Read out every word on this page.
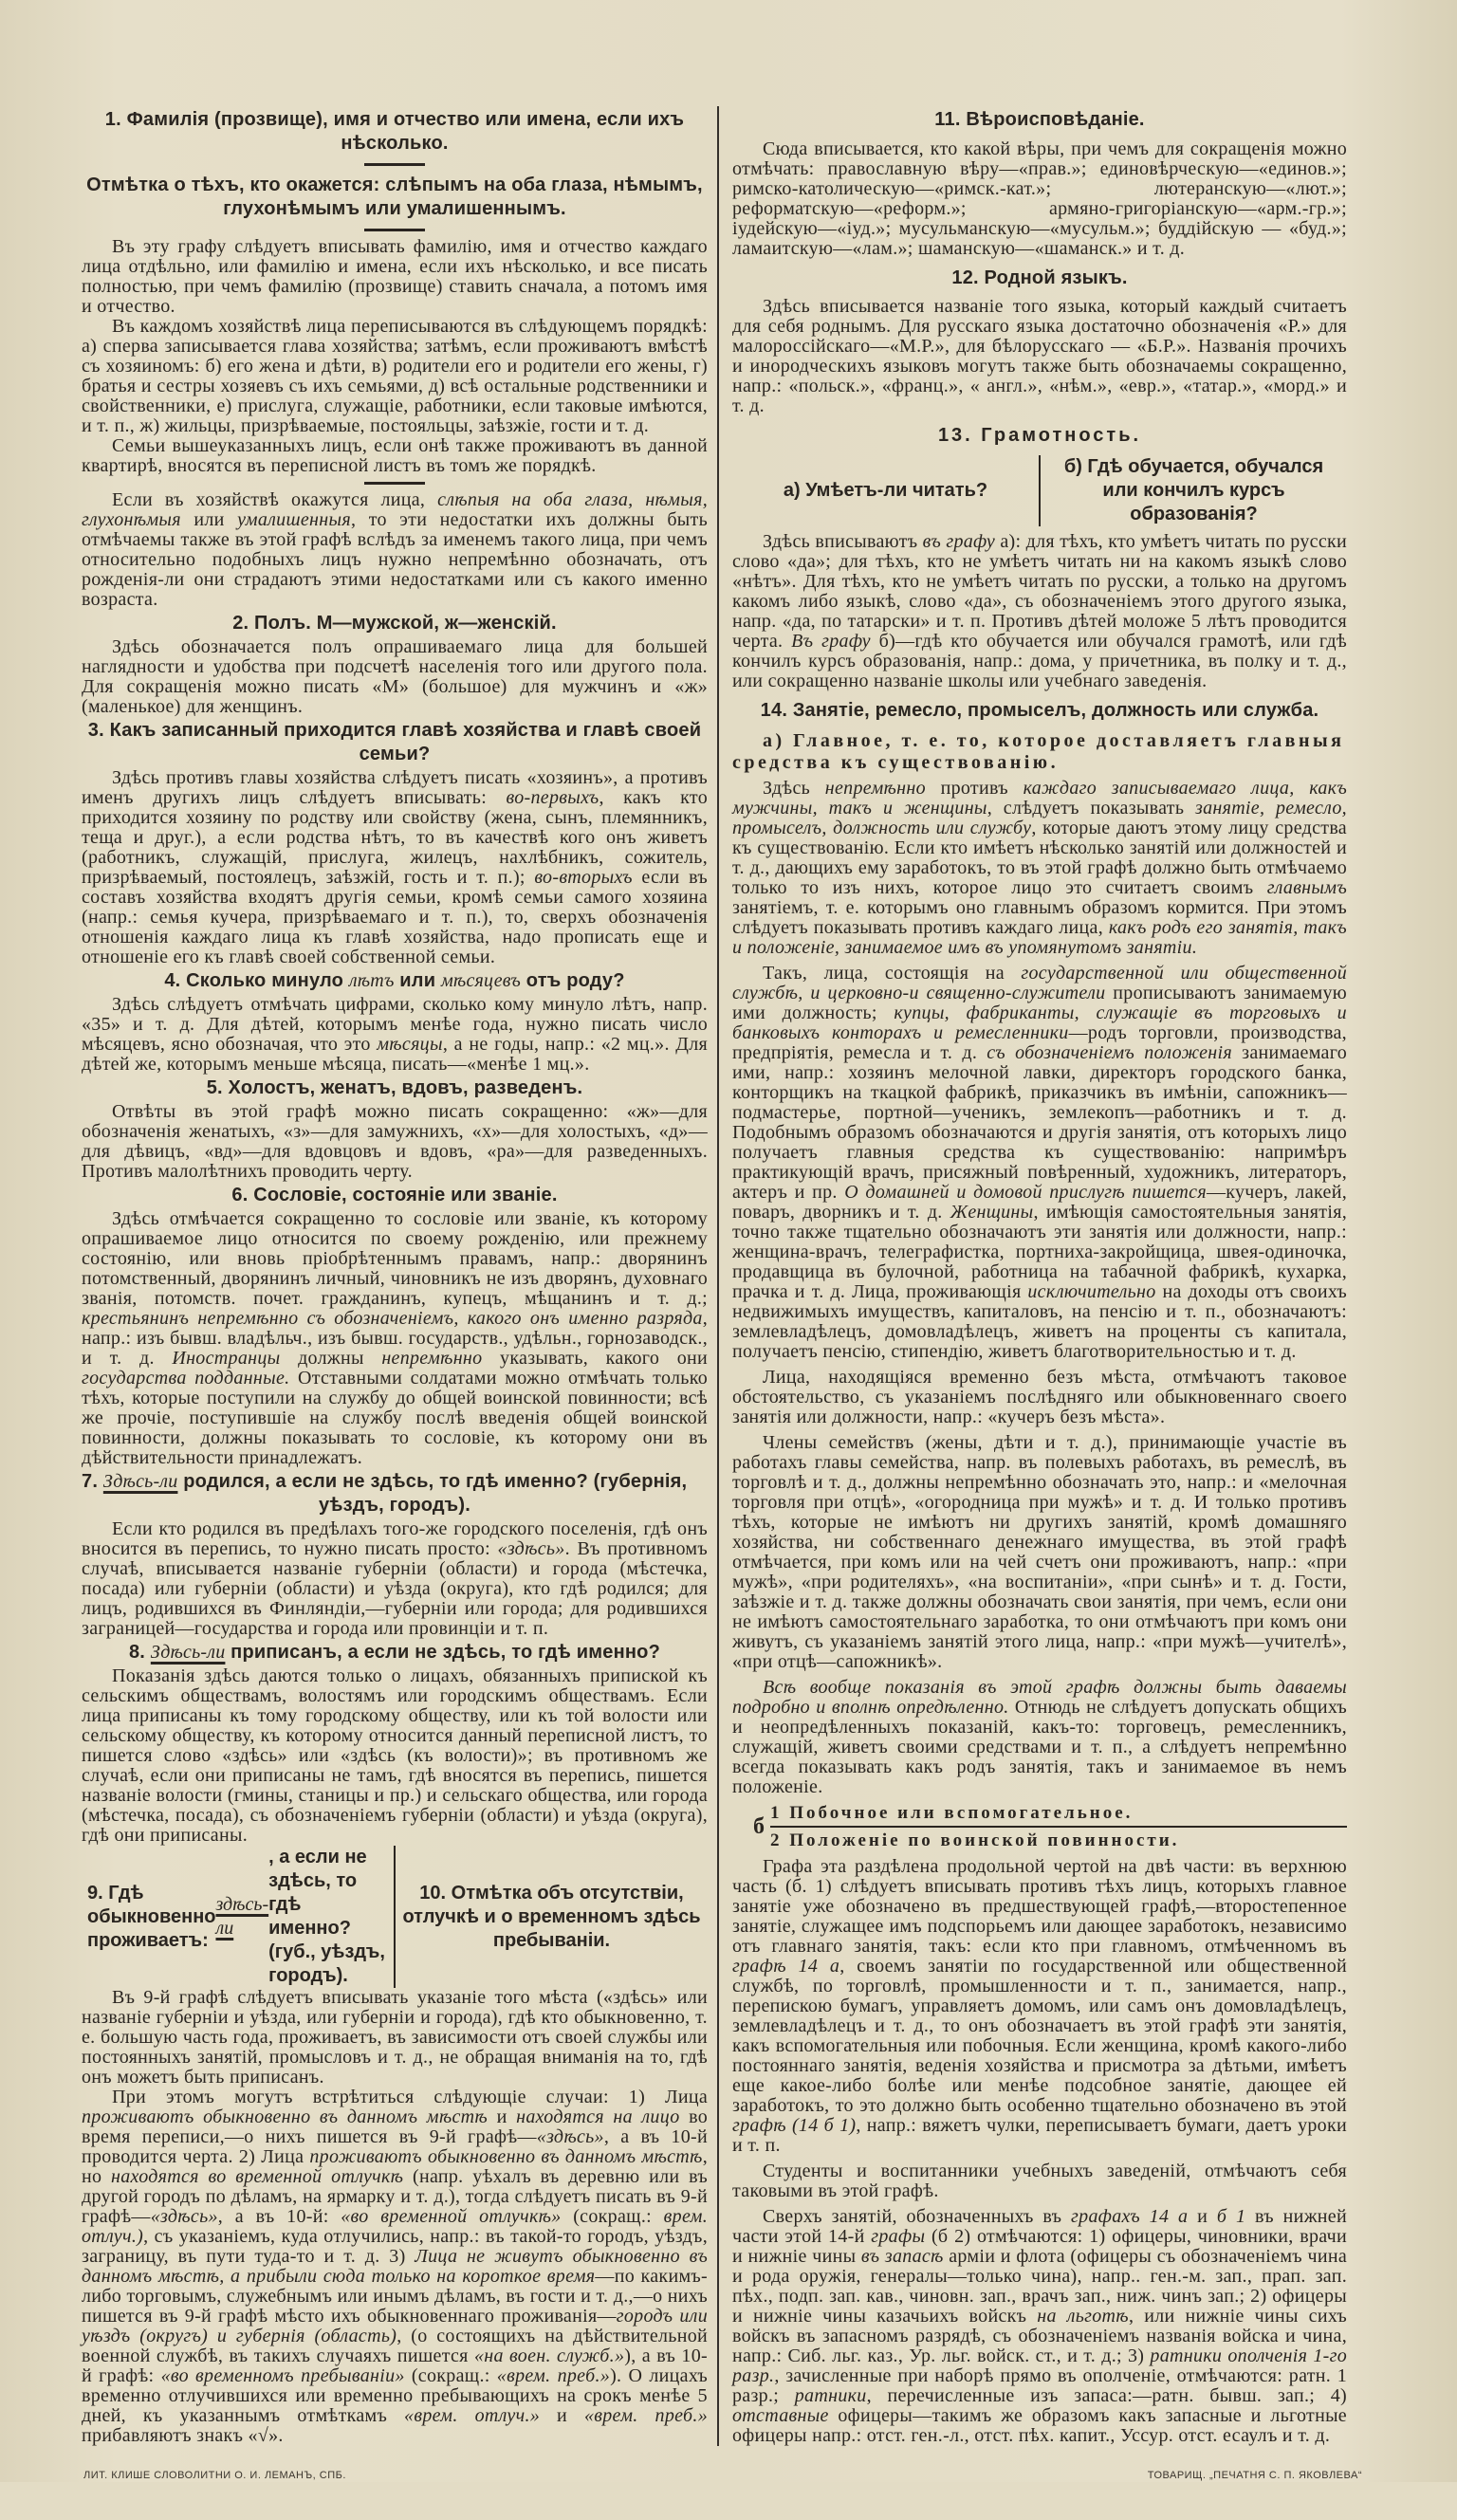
1. Фамилія (прозвище), имя и отчество или имена, если ихъ нѣсколько.
Отмѣтка о тѣхъ, кто окажется: слѣпымъ на оба глаза, нѣмымъ, глухонѣмымъ или умалишеннымъ.

Въ эту графу слѣдуетъ вписывать фамилію, имя и отчество каждаго лица отдѣльно, или фамилію и имена, если ихъ нѣсколько, и все писать полностью, при чемъ фамилію (прозвище) ставить сначала, а потомъ имя и отчество.

Въ каждомъ хозяйствѣ лица переписываются въ слѣдующемъ порядкѣ: а) сперва записывается глава хозяйства; затѣмъ, если проживаютъ вмѣстѣ съ хозяиномъ: б) его жена и дѣти, в) родители его и родители его жены, г) братья и сестры хозяевъ съ ихъ семьями, д) всѣ остальные родственники и свойственники, е) прислуга, служащіе, работники, если таковые имѣются, и т. п., ж) жильцы, призрѣваемые, постояльцы, заѣзжіе, гости и т. д.

Семьи вышеуказанныхъ лицъ, если онѣ также проживаютъ въ данной квартирѣ, вносятся въ переписной листъ въ томъ же порядкѣ.

Если въ хозяйствѣ окажутся лица, слѣпыя на оба глаза, нѣмыя, глухонѣмыя или умалишенныя, то эти недостатки ихъ должны быть отмѣчаемы также въ этой графѣ вслѣдъ за именемъ такого лица, при чемъ относительно подобныхъ лицъ нужно непремѣнно обозначать, отъ рожденія-ли они страдаютъ этими недостатками или съ какого именно возраста.

2. Полъ. М—мужской, ж—женскій.

Здѣсь обозначается полъ опрашиваемаго лица для большей наглядности и удобства при подсчетѣ населенія того или другого пола. Для сокращенія можно писать «М» (большое) для мужчинъ и «ж» (маленькое) для женщинъ.

3. Какъ записанный приходится главѣ хозяйства и главѣ своей семьи?

Здѣсь противъ главы хозяйства слѣдуетъ писать «хозяинъ», а противъ именъ другихъ лицъ слѣдуетъ вписывать: во-первыхъ, какъ кто приходится хозяину по родству или свойству (жена, сынъ, племянникъ, теща и друг.), а если родства нѣтъ, то въ качествѣ кого онъ живетъ (работникъ, служащій, прислуга, жилецъ, нахлѣбникъ, сожитель, призрѣваемый, постоялецъ, заѣзжій, гость и т. п.); во-вторыхъ если въ составъ хозяйства входятъ другія семьи, кромѣ семьи самого хозяина (напр.: семья кучера, призрѣваемаго и т. п.), то, сверхъ обозначенія отношенія каждаго лица къ главѣ хозяйства, надо прописать еще и отношеніе его къ главѣ своей собственной семьи.

4. Сколько минуло лѣтъ или мѣсяцевъ отъ роду?

Здѣсь слѣдуетъ отмѣчать цифрами, сколько кому минуло лѣтъ, напр. «35» и т. д. Для дѣтей, которымъ менѣе года, нужно писать число мѣсяцевъ, ясно обозначая, что это мѣсяцы, а не годы, напр.: «2 мц.». Для дѣтей же, которымъ меньше мѣсяца, писать—«менѣе 1 мц.».

5. Холостъ, женатъ, вдовъ, разведенъ.

Отвѣты въ этой графѣ можно писать сокращенно: «ж»—для обозначенія женатыхъ, «з»—для замужнихъ, «х»—для холостыхъ, «д»—для дѣвицъ, «вд»—для вдовцовъ и вдовъ, «ра»—для разведенныхъ. Противъ малолѣтнихъ проводить черту.

6. Сословіе, состояніе или званіе.

Здѣсь отмѣчается сокращенно то сословіе или званіе, къ которому опрашиваемое лицо относится по своему рожденію, или прежнему состоянію, или вновь пріобрѣтеннымъ правамъ, напр.: дворянинъ потомственный, дворянинъ личный, чиновникъ не изъ дворянъ, духовнаго званія, потомств. почет. гражданинъ, купецъ, мѣщанинъ и т. д.; крестьянинъ непремѣнно съ обозначеніемъ, какого онъ именно разряда, напр.: изъ бывш. владѣльч., изъ бывш. государств., удѣльн., горнозаводск., и т. д. Иностранцы должны непремѣнно указывать, какого они государства подданные. Отставными солдатами можно отмѣчать только тѣхъ, которые поступили на службу до общей воинской повинности; всѣ же прочіе, поступившіе на службу послѣ введенія общей воинской повинности, должны показывать то сословіе, къ которому они въ дѣйствительности принадлежатъ.

7. Здѣсь-ли родился, а если не здѣсь, то гдѣ именно? (губернія, уѣздъ, городъ).

Если кто родился въ предѣлахъ того-же городского поселенія, гдѣ онъ вносится въ перепись, то нужно писать просто: «здѣсь». Въ противномъ случаѣ, вписывается названіе губерніи (области) и города (мѣстечка, посада) или губерніи (области) и уѣзда (округа), кто гдѣ родился; для лицъ, родившихся въ Финляндіи,—губерніи или города; для родившихся заграницей—государства и города или провинціи и т. п.

8. Здѣсь-ли приписанъ, а если не здѣсь, то гдѣ именно?

Показанія здѣсь даются только о лицахъ, обязанныхъ припиской къ сельскимъ обществамъ, волостямъ или городскимъ обществамъ. Если лица приписаны къ тому городскому обществу, или къ той волости или сельскому обществу, къ которому относится данный переписной листъ, то пишется слово «здѣсь» или «здѣсь (къ волости)»; въ противномъ же случаѣ, если они приписаны не тамъ, гдѣ вносятся въ перепись, пишется названіе волости (гмины, станицы и пр.) и сельскаго общества, или города (мѣстечка, посада), съ обозначеніемъ губерніи (области) и уѣзда (округа), гдѣ они приписаны.

9. Гдѣ обыкновенно проживаетъ:
здѣсь-ли
, а если не здѣсь, то гдѣ именно? (губ., уѣздъ, городъ).
10. Отмѣтка объ отсутствіи, отлучкѣ и о временномъ здѣсь пребываніи.

Въ 9-й графѣ слѣдуетъ вписывать указаніе того мѣста («здѣсь» или названіе губерніи и уѣзда, или губерніи и города), гдѣ кто обыкновенно, т. е. большую часть года, проживаетъ, въ зависимости отъ своей службы или постоянныхъ занятій, промысловъ и т. д., не обращая вниманія на то, гдѣ онъ можетъ быть приписанъ.

При этомъ могутъ встрѣтиться слѣдующіе случаи: 1) Лица проживаютъ обыкновенно въ данномъ мѣстѣ и находятся на лицо во время переписи,—о нихъ пишется въ 9-й графѣ—«здѣсь», а въ 10-й проводится черта. 2) Лица проживаютъ обыкновенно въ данномъ мѣстѣ, но находятся во временной отлучкѣ (напр. уѣхалъ въ деревню или въ другой городъ по дѣламъ, на ярмарку и т. д.), тогда слѣдуетъ писать въ 9-й графѣ—«здѣсь», а въ 10-й: «во временной отлучкѣ» (сокращ.: врем. отлуч.), съ указаніемъ, куда отлучились, напр.: въ такой-то городъ, уѣздъ, заграницу, въ пути туда-то и т. д. 3) Лица не живутъ обыкновенно въ данномъ мѣстѣ, а прибыли сюда только на короткое время—по какимъ-либо торговымъ, служебнымъ или инымъ дѣламъ, въ гости и т. д.,—о нихъ пишется въ 9-й графѣ мѣсто ихъ обыкновеннаго проживанія—городъ или уѣздъ (округъ) и губернія (область), (о состоящихъ на дѣйствительной военной службѣ, въ такихъ случаяхъ пишется «на воен. служб.»), а въ 10-й графѣ: «во временномъ пребываніи» (сокращ.: «врем. преб.»). О лицахъ временно отлучившихся или временно пребывающихъ на срокъ менѣе 5 дней, къ указаннымъ отмѣткамъ «врем. отлуч.» и «врем. преб.» прибавляютъ знакъ «√».

11. Вѣроисповѣданіе.

Сюда вписывается, кто какой вѣры, при чемъ для сокращенія можно отмѣчать: православную вѣру—«прав.»; единовѣрческую—«единов.»; римско-католическую—«римск.-кат.»; лютеранскую—«лют.»; реформатскую—«реформ.»; армяно-григоріанскую—«арм.-гр.»; іудейскую—«іуд.»; мусульманскую—«мусульм.»; буддійскую — «буд.»; ламаитскую—«лам.»; шаманскую—«шаманск.» и т. д.

12. Родной языкъ.

Здѣсь вписывается названіе того языка, который каждый считаетъ для себя роднымъ. Для русскаго языка достаточно обозначенія «Р.» для малороссійскаго—«М.Р.», для бѣлорусскаго — «Б.Р.». Названія прочихъ и инородческихъ языковъ могутъ также быть обозначаемы сокращенно, напр.: «польск.», «франц.», « англ.», «нѣм.», «евр.», «татар.», «морд.» и т. д.

13. Грамотность.
а) Умѣетъ-ли читать?
б) Гдѣ обучается, обучался или кончилъ курсъ образованія?

Здѣсь вписываютъ въ графу а): для тѣхъ, кто умѣетъ читать по русски слово «да»; для тѣхъ, кто не умѣетъ читать ни на какомъ языкѣ слово «нѣтъ». Для тѣхъ, кто не умѣетъ читать по русски, а только на другомъ какомъ либо языкѣ, слово «да», съ обозначеніемъ этого другого языка, напр. «да, по татарски» и т. п. Противъ дѣтей моложе 5 лѣтъ проводится черта. Въ графу б)—гдѣ кто обучается или обучался грамотѣ, или гдѣ кончилъ курсъ образованія, напр.: дома, у причетника, въ полку и т. д., или сокращенно названіе школы или учебнаго заведенія.

14. Занятіе, ремесло, промыселъ, должность или служба.
а) Главное, т. е. то, которое доставляетъ главныя средства къ существованію.

Здѣсь непремѣнно противъ каждаго записываемаго лица, какъ мужчины, такъ и женщины, слѣдуетъ показывать занятіе, ремесло, промыселъ, должность или службу, которые даютъ этому лицу средства къ существованію. Если кто имѣетъ нѣсколько занятій или должностей и т. д., дающихъ ему заработокъ, то въ этой графѣ должно быть отмѣчаемо только то изъ нихъ, которое лицо это считаетъ своимъ главнымъ занятіемъ, т. е. которымъ оно главнымъ образомъ кормится. При этомъ слѣдуетъ показывать противъ каждаго лица, какъ родъ его занятія, такъ и положеніе, занимаемое имъ въ упомянутомъ занятіи.

Такъ, лица, состоящія на государственной или общественной службѣ, и церковно-и священно-служители прописываютъ занимаемую ими должность; купцы, фабриканты, служащіе въ торговыхъ и банковыхъ конторахъ и ремесленники—родъ торговли, производства, предпріятія, ремесла и т. д. съ обозначеніемъ положенія занимаемаго ими, напр.: хозяинъ мелочной лавки, директоръ городского банка, конторщикъ на ткацкой фабрикѣ, приказчикъ въ имѣніи, сапожникъ—подмастерье, портной—ученикъ, землекопъ—работникъ и т. д. Подобнымъ образомъ обозначаются и другія занятія, отъ которыхъ лицо получаетъ главныя средства къ существованію: напримѣръ практикующій врачъ, присяжный повѣренный, художникъ, литераторъ, актеръ и пр. О домашней и домовой прислугѣ пишется—кучеръ, лакей, поваръ, дворникъ и т. д. Женщины, имѣющія самостоятельныя занятія, точно также тщательно обозначаютъ эти занятія или должности, напр.: женщина-врачъ, телеграфистка, портниха-закройщица, швея-одиночка, продавщица въ булочной, работница на табачной фабрикѣ, кухарка, прачка и т. д. Лица, проживающія исключительно на доходы отъ своихъ недвижимыхъ имуществъ, капиталовъ, на пенсію и т. п., обозначаютъ: землевладѣлецъ, домовладѣлецъ, живетъ на проценты съ капитала, получаетъ пенсію, стипендію, живетъ благотворительностью и т. д.

Лица, находящіяся временно безъ мѣста, отмѣчаютъ таковое обстоятельство, съ указаніемъ послѣдняго или обыкновеннаго своего занятія или должности, напр.: «кучеръ безъ мѣста».

Члены семействъ (жены, дѣти и т. д.), принимающіе участіе въ работахъ главы семейства, напр. въ полевыхъ работахъ, въ ремеслѣ, въ торговлѣ и т. д., должны непремѣнно обозначать это, напр.: и «мелочная торговля при отцѣ», «огородница при мужѣ» и т. д. И только противъ тѣхъ, которые не имѣютъ ни другихъ занятій, кромѣ домашняго хозяйства, ни собственнаго денежнаго имущества, въ этой графѣ отмѣчается, при комъ или на чей счетъ они проживаютъ, напр.: «при мужѣ», «при родителяхъ», «на воспитаніи», «при сынѣ» и т. д. Гости, заѣзжіе и т. д. также должны обозначать свои занятія, при чемъ, если они не имѣютъ самостоятельнаго заработка, то они отмѣчаютъ при комъ они живутъ, съ указаніемъ занятій этого лица, напр.: «при мужѣ—учителѣ», «при отцѣ—сапожникѣ».

Всѣ вообще показанія въ этой графѣ должны быть даваемы подробно и вполнѣ опредѣленно. Отнюдь не слѣдуетъ допускать общихъ и неопредѣленныхъ показаній, какъ-то: торговецъ, ремесленникъ, служащій, живетъ своими средствами и т. п., а слѣдуетъ непремѣнно всегда показывать какъ родъ занятія, такъ и занимаемое въ немъ положеніе.

б
1 Побочное или вспомогательное.
2 Положеніе по воинской повинности.

Графа эта раздѣлена продольной чертой на двѣ части: въ верхнюю часть (б. 1) слѣдуетъ вписывать противъ тѣхъ лицъ, которыхъ главное занятіе уже обозначено въ предшествующей графѣ,—второстепенное занятіе, служащее имъ подспорьемъ или дающее заработокъ, независимо отъ главнаго занятія, такъ: если кто при главномъ, отмѣченномъ въ графѣ 14 а, своемъ занятіи по государственной или общественной службѣ, по торговлѣ, промышленности и т. п., занимается, напр., перепискою бумагъ, управляетъ домомъ, или самъ онъ домовладѣлецъ, землевладѣлецъ и т. д., то онъ обозначаетъ въ этой графѣ эти занятія, какъ вспомогательныя или побочныя. Если женщина, кромѣ какого-либо постояннаго занятія, веденія хозяйства и присмотра за дѣтьми, имѣетъ еще какое-либо болѣе или менѣе подсобное занятіе, дающее ей заработокъ, то это должно быть особенно тщательно обозначено въ этой графѣ (14 б 1), напр.: вяжетъ чулки, переписываетъ бумаги, даетъ уроки и т. п.

Студенты и воспитанники учебныхъ заведеній, отмѣчаютъ себя таковыми въ этой графѣ.

Сверхъ занятій, обозначенныхъ въ графахъ 14 а и б 1 въ нижней части этой 14-й графы (б 2) отмѣчаются: 1) офицеры, чиновники, врачи и нижніе чины въ запасѣ арміи и флота (офицеры съ обозначеніемъ чина и рода оружія, генералы—только чина), напр.. ген.-м. зап., прап. зап. пѣх., подп. зап. кав., чиновн. зап., врачъ зап., ниж. чинъ зап.; 2) офицеры и нижніе чины казачьихъ войскъ на льготѣ, или нижніе чины сихъ войскъ въ запасномъ разрядѣ, съ обозначеніемъ названія войска и чина, напр.: Сиб. льг. каз., Ур. льг. войск. ст., и т. д.; 3) ратники ополченія 1-го разр., зачисленные при наборѣ прямо въ ополченіе, отмѣчаются: ратн. 1 разр.; ратники, перечисленные изъ запаса:—ратн. бывш. зап.; 4) отставные офицеры—такимъ же образомъ какъ запасные и льготные офицеры напр.: отст. ген.-л., отст. пѣх. капит., Уссур. отст. есаулъ и т. д.

ЛИТ. КЛИШЕ СЛОВОЛИТНИ О. И. ЛЕМАНЪ, СПБ.	ТОВАРИЩ. „ПЕЧАТНЯ С. П. ЯКОВЛЕВА“
